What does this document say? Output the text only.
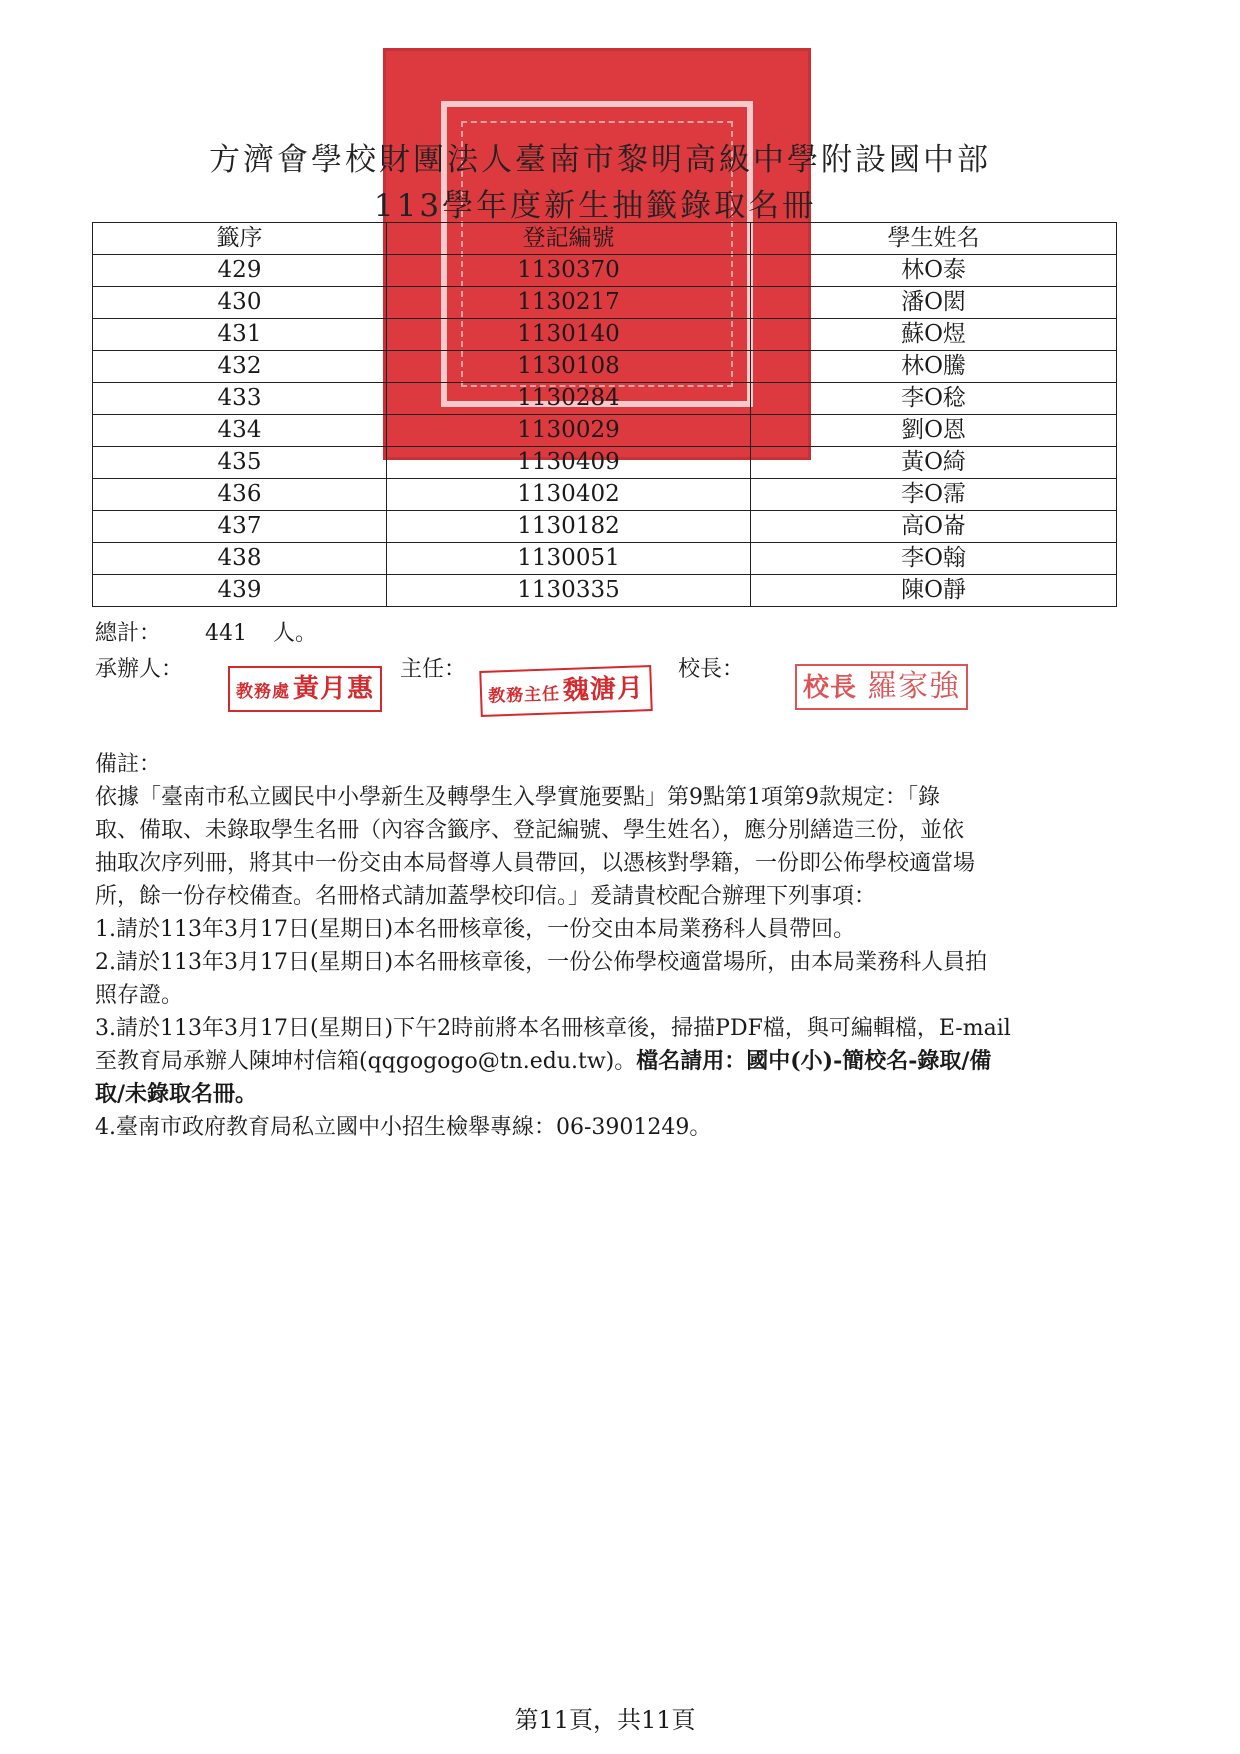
方濟會學校財團法人臺南市黎明高級中學附設國中部
113學年度新生抽籤錄取名冊
籤序	登記編號	學生姓名
429	1130370	林O泰
430	1130217	潘O閎
431	1130140	蘇O煜
432	1130108	林O騰
433	1130284	李O稔
434	1130029	劉O恩
435	1130409	黃O綺
436	1130402	李O霈
437	1130182	高O崙
438	1130051	李O翰
439	1130335	陳O靜
總計： 441 人。
承辦人：	主任：	校長：
教務處 黃月惠	教務主任魏溏月	校長 羅家強

備註：

依據「臺南市私立國民中小學新生及轉學生入學實施要點」第9點第1項第9款規定：「錄

取、備取、未錄取學生名冊（內容含籤序、登記編號、學生姓名），應分別繕造三份，並依

抽取次序列冊，將其中一份交由本局督導人員帶回，以憑核對學籍，一份即公佈學校適當場

所，餘一份存校備查。名冊格式請加蓋學校印信。」爰請貴校配合辦理下列事項：

1.請於113年3月17日(星期日)本名冊核章後，一份交由本局業務科人員帶回。

2.請於113年3月17日(星期日)本名冊核章後，一份公佈學校適當場所，由本局業務科人員拍

照存證。

3.請於113年3月17日(星期日)下午2時前將本名冊核章後，掃描PDF檔，與可編輯檔，E-mail

至教育局承辦人陳坤村信箱(qqgogogo@tn.edu.tw)。檔名請用：國中(小)-簡校名-錄取/備

取/未錄取名冊。

4.臺南市政府教育局私立國中小招生檢舉專線：06-3901249。

第11頁，共11頁
